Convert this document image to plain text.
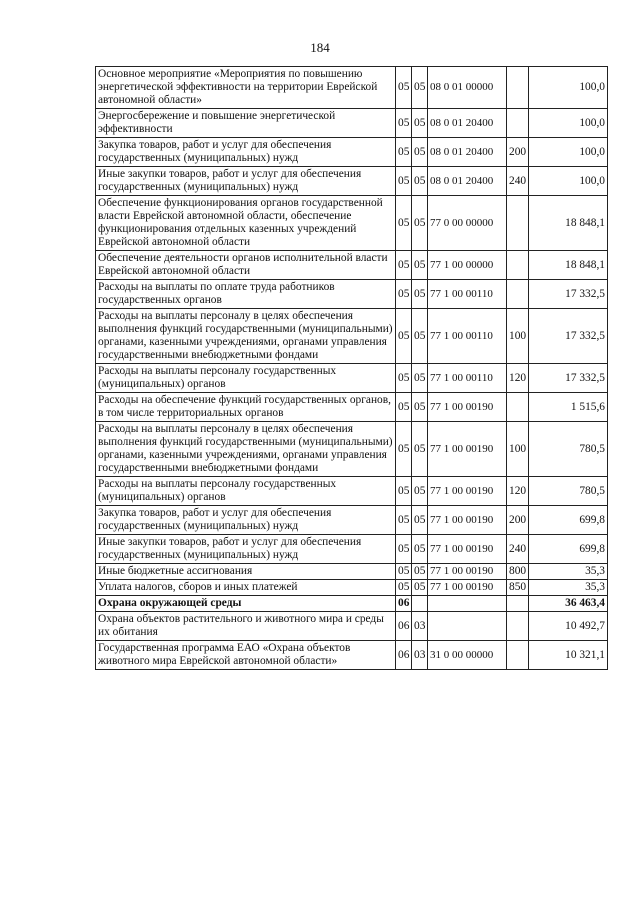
184
Основное мероприятие «Мероприятия по повышению энергетической эффективности на территории Еврейской автономной области»	05	05	08 0 01 00000		100,0
Энергосбережение и повышение энергетической эффективности	05	05	08 0 01 20400		100,0
Закупка товаров, работ и услуг для обеспечения государственных (муниципальных) нужд	05	05	08 0 01 20400	200	100,0
Иные закупки товаров, работ и услуг для обеспечения государственных (муниципальных) нужд	05	05	08 0 01 20400	240	100,0
Обеспечение функционирования органов государственной власти Еврейской автономной области, обеспечение функционирования отдельных казенных учреждений Еврейской автономной области	05	05	77 0 00 00000		18 848,1
Обеспечение деятельности органов исполнительной власти Еврейской автономной области	05	05	77 1 00 00000		18 848,1
Расходы на выплаты по оплате труда работников государственных органов	05	05	77 1 00 00110		17 332,5
Расходы на выплаты персоналу в целях обеспечения выполнения функций государственными (муниципальными) органами, казенными учреждениями, органами управления государственными внебюджетными фондами	05	05	77 1 00 00110	100	17 332,5
Расходы на выплаты персоналу государственных (муниципальных) органов	05	05	77 1 00 00110	120	17 332,5
Расходы на обеспечение функций государственных органов, в том числе территориальных органов	05	05	77 1 00 00190		1 515,6
Расходы на выплаты персоналу в целях обеспечения выполнения функций государственными (муниципальными) органами, казенными учреждениями, органами управления государственными внебюджетными фондами	05	05	77 1 00 00190	100	780,5
Расходы на выплаты персоналу государственных (муниципальных) органов	05	05	77 1 00 00190	120	780,5
Закупка товаров, работ и услуг для обеспечения государственных (муниципальных) нужд	05	05	77 1 00 00190	200	699,8
Иные закупки товаров, работ и услуг для обеспечения государственных (муниципальных) нужд	05	05	77 1 00 00190	240	699,8
Иные бюджетные ассигнования	05	05	77 1 00 00190	800	35,3
Уплата налогов, сборов и иных платежей	05	05	77 1 00 00190	850	35,3
Охрана окружающей среды	06				36 463,4
Охрана объектов растительного и животного мира и среды их обитания	06	03			10 492,7
Государственная программа ЕАО «Охрана объектов животного мира Еврейской автономной области»	06	03	31 0 00 00000		10 321,1
